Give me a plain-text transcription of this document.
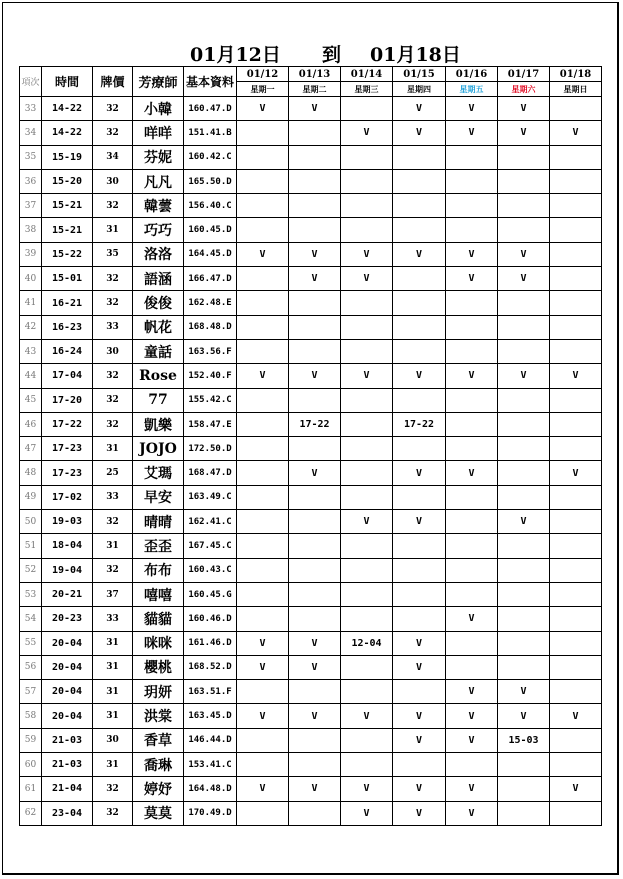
01月12日 到 01月18日
項次	時間	牌價	芳療師	基本資料	01/12	01/13	01/14	01/15	01/16	01/17	01/18
					星期一	星期二	星期三	星期四	星期五	星期六	星期日
33	14-22	32	小韓	160.47.D	V	V		V	V	V	
34	14-22	32	咩咩	151.41.B			V	V	V	V	V
35	15-19	34	芬妮	160.42.C							
36	15-20	30	凡凡	165.50.D							
37	15-21	32	韓蕓	156.40.C							
38	15-21	31	巧巧	160.45.D							
39	15-22	35	洛洛	164.45.D	V	V	V	V	V	V	
40	15-01	32	語涵	166.47.D		V	V		V	V	
41	16-21	32	俊俊	162.48.E							
42	16-23	33	帆花	168.48.D							
43	16-24	30	童話	163.56.F							
44	17-04	32	Rose	152.40.F	V	V	V	V	V	V	V
45	17-20	32	77	155.42.C							
46	17-22	32	凱樂	158.47.E		17-22		17-22			
47	17-23	31	JOJO	172.50.D							
48	17-23	25	艾瑪	168.47.D		V		V	V		V
49	17-02	33	早安	163.49.C							
50	19-03	32	晴晴	162.41.C			V	V		V	
51	18-04	31	歪歪	167.45.C							
52	19-04	32	布布	160.43.C							
53	20-21	37	嘻嘻	160.45.G							
54	20-23	33	貓貓	160.46.D					V		
55	20-04	31	咪咪	161.46.D	V	V	12-04	V			
56	20-04	31	櫻桃	168.52.D	V	V		V			
57	20-04	31	玥妍	163.51.F					V	V	
58	20-04	31	洪棠	163.45.D	V	V	V	V	V	V	V
59	21-03	30	香草	146.44.D				V	V	15-03	
60	21-03	31	喬琳	153.41.C							
61	21-04	32	婷妤	164.48.D	V	V	V	V	V		V
62	23-04	32	莫莫	170.49.D			V	V	V		
